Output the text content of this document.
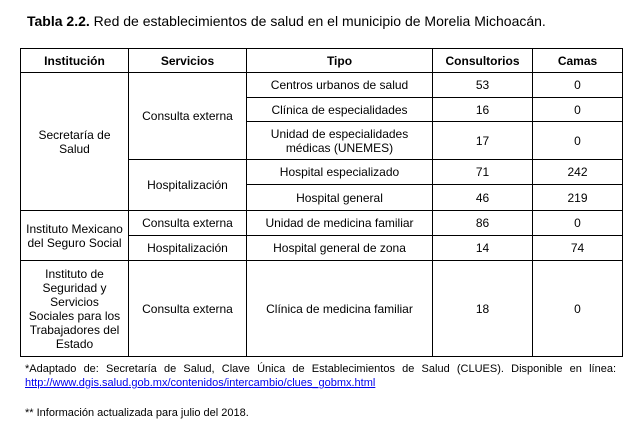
Tabla 2.2. Red de establecimientos de salud en el municipio de Morelia Michoacán.
Institución	Servicios	Tipo	Consultorios	Camas
Secretaría de Salud	Consulta externa	Centros urbanos de salud	53	0
		Clínica de especialidades	16	0
		Unidad de especialidades médicas (UNEMES)	17	0
	Hospitalización	Hospital especializado	71	242
		Hospital general	46	219
Instituto Mexicano del Seguro Social	Consulta externa	Unidad de medicina familiar	86	0
	Hospitalización	Hospital general de zona	14	74
Instituto de Seguridad y Servicios Sociales para los Trabajadores del Estado	Consulta externa	Clínica de medicina familiar	18	0
*Adaptado de: Secretaría de Salud, Clave Única de Establecimientos de Salud (CLUES). Disponible en línea:
http://www.dgis.salud.gob.mx/contenidos/intercambio/clues_gobmx.html
** Información actualizada para julio del 2018.
